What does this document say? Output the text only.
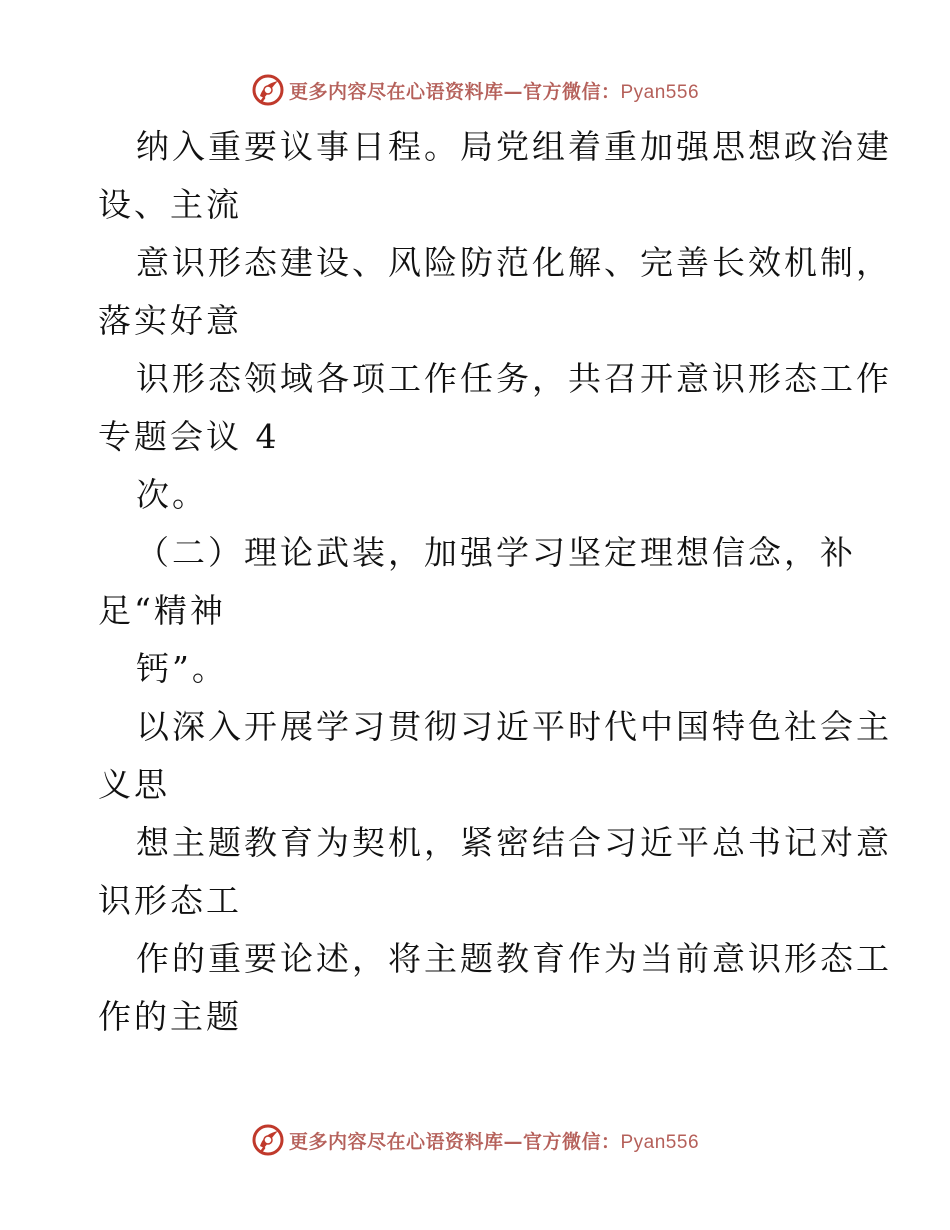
更多内容尽在心语资料库—官方微信：Pyan556
纳入重要议事日程。局党组着重加强思想政治建
设、主流
意识形态建设、风险防范化解、完善长效机制，
落实好意
识形态领域各项工作任务，共召开意识形态工作
专题会议 4
次。
（二）理论武装，加强学习坚定理想信念，补
足“精神
钙”。
以深入开展学习贯彻习近平时代中国特色社会主
义思
想主题教育为契机，紧密结合习近平总书记对意
识形态工
作的重要论述，将主题教育作为当前意识形态工
作的主题
更多内容尽在心语资料库—官方微信：Pyan556
